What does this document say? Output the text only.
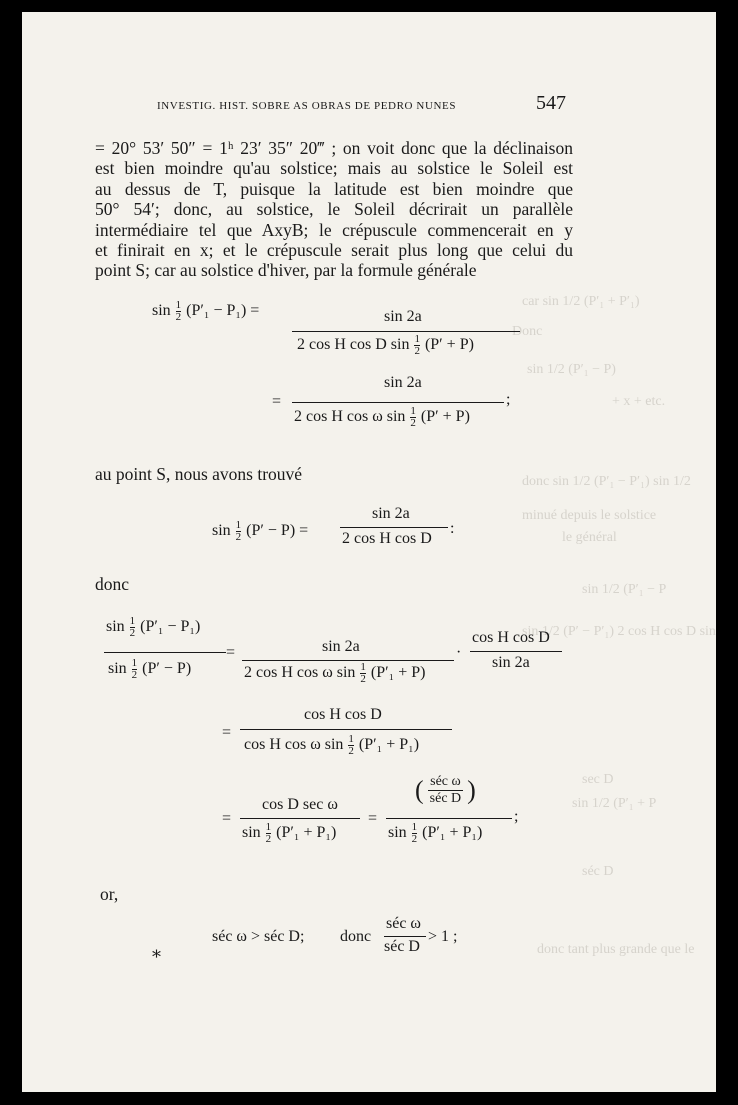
car sin 1/2 (P′₁ + P′₁)
Donc
sin 1/2 (P′₁ − P)
+ x + etc.
donc sin 1/2 (P′₁ − P′₁) sin 1/2
minué depuis le solstice
le général
sin 1/2 (P′₁ − P
sin 1/2 (P′ − P′₁) 2 cos H cos D sin
sec D
sin 1/2 (P′₁ + P
séc D
donc tant plus grande que le
INVESTIG. HIST. SOBRE AS OBRAS DE PEDRO NUNES	547
= 20° 53′ 50″ = 1ʰ 23′ 35″ 20‴ ; on voit donc que la déclinaison
est bien moindre qu'au solstice; mais au solstice le Soleil est
au dessus de T, puisque la latitude est bien moindre que
50° 54′; donc, au solstice, le Soleil décrirait un parallèle
intermédiaire tel que AxyB; le crépuscule commencerait en y
et finirait en x; et le crépuscule serait plus long que celui du
point S; car au solstice d'hiver, par la formule générale
$\sin \frac{1}{2} (P'_1 - P_1)$ =	sin 2a
2 cos H cos D $\sin \frac{1}{2} (P' + P)$
=
sin 2a
2 cos H cos ω $\sin \frac{1}{2} (P' + P)$
;
au point S, nous avons trouvé
$\sin \frac{1}{2} (P' - P)$ =
sin 2a
2 cos H cos D
:
donc
$\sin \frac{1}{2} (P'_1 - P_1)$
$\sin \frac{1}{2} (P' - P)$
=	sin 2a
2 cos H cos ω $\sin \frac{1}{2} (P'_1 + P)$
·
cos H cos D
sin 2a
=
cos H cos D
cos H cos ω $\sin \frac{1}{2} (P'_1 + P_1)$
=
cos D sec ω
$\sin \frac{1}{2} (P'_1 + P_1)$
=
( $\frac{\text{séc ω}}{\text{séc D}}$ )
$\sin \frac{1}{2} (P'_1 + P_1)$
;
or,
séc ω > séc D; donc
séc ω
séc D
> 1 ;
*
